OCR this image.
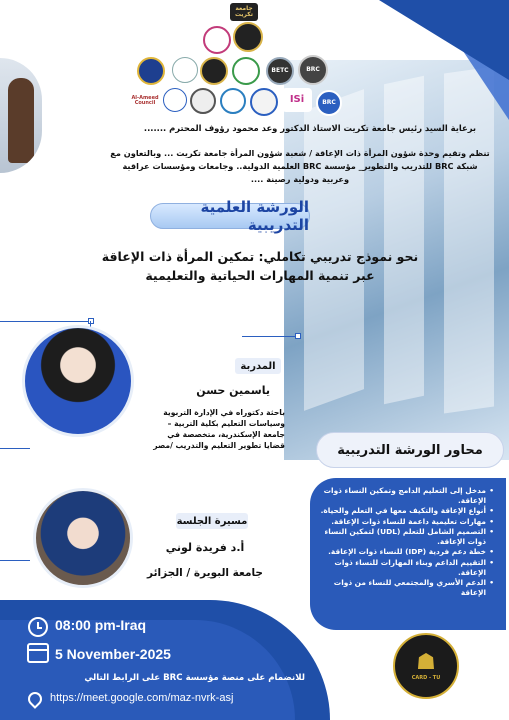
جامعة تكريت
BETC	BRC
Al-Ameed Council	ISi	BRC
برعاية السيد رئيس جامعة تكريت الاستاذ الدكتور وعد محمود رؤوف المحترم .......
تنظم وتقيم وحدة شؤون المرأة ذات الإعاقة / شعبة شؤون المرأة جامعة تكريت ... وبالتعاون مع
شبكة BRC للتدريب والتطوير_ مؤسسة BRC العلمية الدولية.. وجامعات ومؤسسات عراقية
وعربية ودولية رصينة ....
الورشة العلمية التدريبية
نحو نموذج تدريبي تكاملي: تمكين المرأة ذات الإعاقة
عبر تنمية المهارات الحياتية والتعليمية
المدربة
ياسمين حسن
باحثة دكتوراه في الإدارة التربوية
وسياسات التعليم بكلية التربية –
جامعة الإسكندرية، متخصصة في
قضايا تطوير التعليم والتدريب /مصر
مسيرة الجلسة
أ.د فريدة لوني
جامعة البويرة / الجزائر
محاور الورشة التدريبية
• مدخل إلى التعليم الدامج وتمكين النساء ذوات الإعاقة.
• أنواع الإعاقة والتكيف معها في التعلم والحياة.
• مهارات تعليمية داعمة للنساء ذوات الإعاقة.
• التصميم الشامل للتعلم (UDL) لتمكين النساء ذوات الإعاقة.
• خطة دعم فردية (IDP) للنساء ذوات الإعاقة.
• التقييم الداعم وبناء المهارات للنساء ذوات الإعاقة.
• الدعم الأسري والمجتمعي للنساء من ذوات الإعاقة
08:00 pm-Iraq
5 November-2025
للانضمام على منصة مؤسسة BRC على الرابط التالي
https://meet.google.com/maz-nvrk-asj
☗
CARD - TU
